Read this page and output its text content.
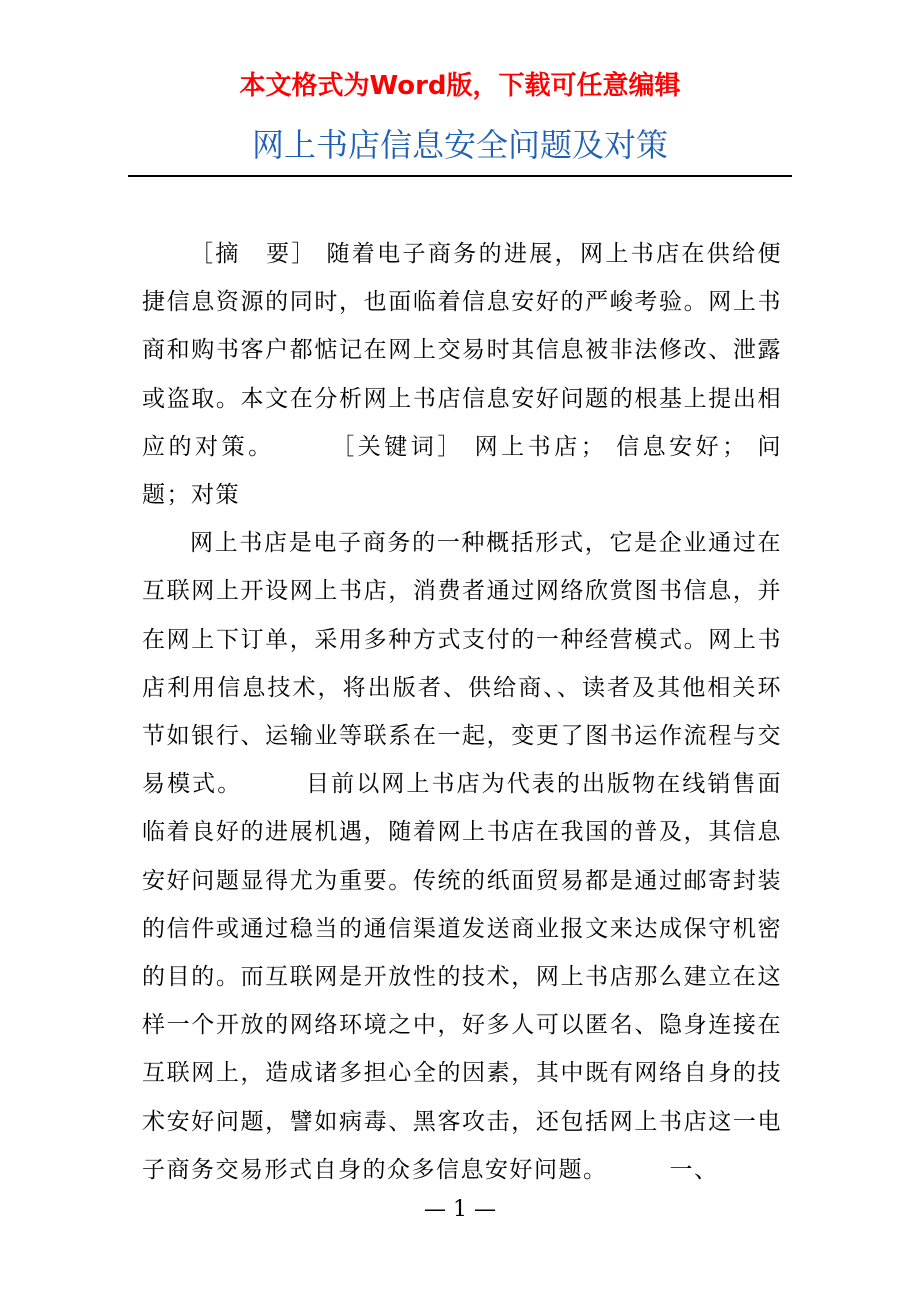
本文格式为Word版，下载可任意编辑
网上书店信息安全问题及对策

［摘　要］ 随着电子商务的进展，网上书店在供给便捷信息资源的同时，也面临着信息安好的严峻考验。网上书商和购书客户都惦记在网上交易时其信息被非法修改、泄露或盗取。本文在分析网上书店信息安好问题的根基上提出相应的对策。　　　［关键词］ 网上书店； 信息安好； 问题；对策

网上书店是电子商务的一种概括形式，它是企业通过在互联网上开设网上书店，消费者通过网络欣赏图书信息，并在网上下订单，采用多种方式支付的一种经营模式。网上书店利用信息技术，将出版者、供给商、、读者及其他相关环节如银行、运输业等联系在一起，变更了图书运作流程与交易模式。　　　目前以网上书店为代表的出版物在线销售面临着良好的进展机遇，随着网上书店在我国的普及，其信息安好问题显得尤为重要。传统的纸面贸易都是通过邮寄封装的信件或通过稳当的通信渠道发送商业报文来达成保守机密的目的。而互联网是开放性的技术，网上书店那么建立在这样一个开放的网络环境之中，好多人可以匿名、隐身连接在互联网上，造成诸多担心全的因素，其中既有网络自身的技术安好问题，譬如病毒、黑客攻击，还包括网上书店这一电子商务交易形式自身的众多信息安好问题。　　　一、

— 1 —
